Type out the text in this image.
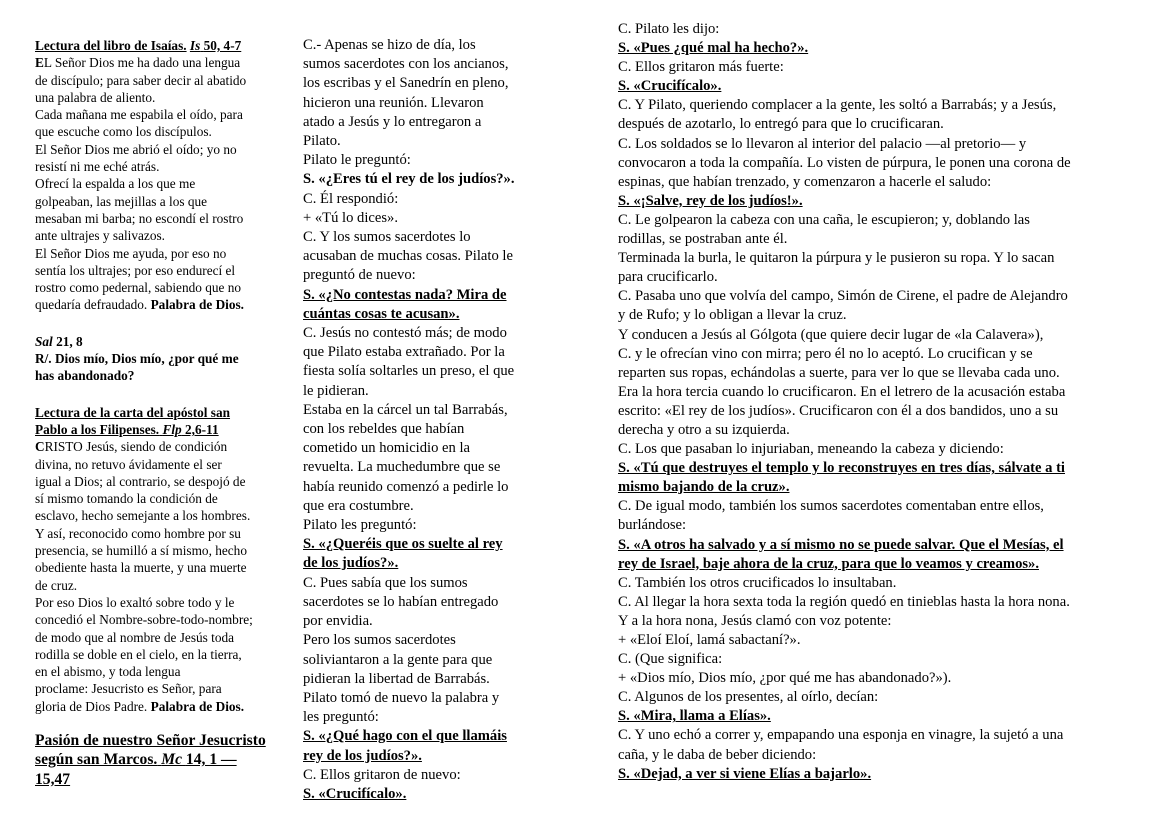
Lectura del libro de Isaías. Is 50, 4-7

EL Señor Dios me ha dado una lengua

de discípulo; para saber decir al abatido

una palabra de aliento.

Cada mañana me espabila el oído, para

que escuche como los discípulos.

El Señor Dios me abrió el oído; yo no

resistí ni me eché atrás.

Ofrecí la espalda a los que me

golpeaban, las mejillas a los que

mesaban mi barba; no escondí el rostro

ante ultrajes y salivazos.

El Señor Dios me ayuda, por eso no

sentía los ultrajes; por eso endurecí el

rostro como pedernal, sabiendo que no

quedaría defraudado. Palabra de Dios.

Sal 21, 8

R/. Dios mío, Dios mío, ¿por qué me

has abandonado?

Lectura de la carta del apóstol san

Pablo a los Filipenses. Flp 2,6-11

CRISTO Jesús, siendo de condición

divina, no retuvo ávidamente el ser

igual a Dios; al contrario, se despojó de

sí mismo tomando la condición de

esclavo, hecho semejante a los hombres.

Y así, reconocido como hombre por su

presencia, se humilló a sí mismo, hecho

obediente hasta la muerte, y una muerte

de cruz.

Por eso Dios lo exaltó sobre todo y le

concedió el Nombre-sobre-todo-nombre;

de modo que al nombre de Jesús toda

rodilla se doble en el cielo, en la tierra,

en el abismo, y toda lengua

proclame: Jesucristo es Señor, para

gloria de Dios Padre. Palabra de Dios.

Pasión de nuestro Señor Jesucristo

según san Marcos. Mc 14, 1 —

15,47

C.- Apenas se hizo de día, los

sumos sacerdotes con los ancianos,

los escribas y el Sanedrín en pleno,

hicieron una reunión. Llevaron

atado a Jesús y lo entregaron a

Pilato.

Pilato le preguntó:

S. «¿Eres tú el rey de los judíos?».

C. Él respondió:

+ «Tú lo dices».

C. Y los sumos sacerdotes lo

acusaban de muchas cosas. Pilato le

preguntó de nuevo:

S. «¿No contestas nada? Mira de

cuántas cosas te acusan».

C. Jesús no contestó más; de modo

que Pilato estaba extrañado. Por la

fiesta solía soltarles un preso, el que

le pidieran.

Estaba en la cárcel un tal Barrabás,

con los rebeldes que habían

cometido un homicidio en la

revuelta. La muchedumbre que se

había reunido comenzó a pedirle lo

que era costumbre.

Pilato les preguntó:

S. «¿Queréis que os suelte al rey

de los judíos?».

C. Pues sabía que los sumos

sacerdotes se lo habían entregado

por envidia.

Pero los sumos sacerdotes

soliviantaron a la gente para que

pidieran la libertad de Barrabás.

Pilato tomó de nuevo la palabra y

les preguntó:

S. «¿Qué hago con el que llamáis

rey de los judíos?».

C. Ellos gritaron de nuevo:

S. «Crucifícalo».

C. Pilato les dijo:

S. «Pues ¿qué mal ha hecho?».

C. Ellos gritaron más fuerte:

S. «Crucifícalo».

C. Y Pilato, queriendo complacer a la gente, les soltó a Barrabás; y a Jesús,

después de azotarlo, lo entregó para que lo crucificaran.

C. Los soldados se lo llevaron al interior del palacio —al pretorio— y

convocaron a toda la compañía. Lo visten de púrpura, le ponen una corona de

espinas, que habían trenzado, y comenzaron a hacerle el saludo:

S. «¡Salve, rey de los judíos!».

C. Le golpearon la cabeza con una caña, le escupieron; y, doblando las

rodillas, se postraban ante él.

Terminada la burla, le quitaron la púrpura y le pusieron su ropa. Y lo sacan

para crucificarlo.

C. Pasaba uno que volvía del campo, Simón de Cirene, el padre de Alejandro

y de Rufo; y lo obligan a llevar la cruz.

Y conducen a Jesús al Gólgota (que quiere decir lugar de «la Calavera»),

C. y le ofrecían vino con mirra; pero él no lo aceptó. Lo crucifican y se

reparten sus ropas, echándolas a suerte, para ver lo que se llevaba cada uno.

Era la hora tercia cuando lo crucificaron. En el letrero de la acusación estaba

escrito: «El rey de los judíos». Crucificaron con él a dos bandidos, uno a su

derecha y otro a su izquierda.

C. Los que pasaban lo injuriaban, meneando la cabeza y diciendo:

S. «Tú que destruyes el templo y lo reconstruyes en tres días, sálvate a ti

mismo bajando de la cruz».

C. De igual modo, también los sumos sacerdotes comentaban entre ellos,

burlándose:

S. «A otros ha salvado y a sí mismo no se puede salvar. Que el Mesías, el

rey de Israel, baje ahora de la cruz, para que lo veamos y creamos».

C. También los otros crucificados lo insultaban.

C. Al llegar la hora sexta toda la región quedó en tinieblas hasta la hora nona.

Y a la hora nona, Jesús clamó con voz potente:

+ «Eloí Eloí, lamá sabactaní?».

C. (Que significa:

+ «Dios mío, Dios mío, ¿por qué me has abandonado?»).

C. Algunos de los presentes, al oírlo, decían:

S. «Mira, llama a Elías».

C. Y uno echó a correr y, empapando una esponja en vinagre, la sujetó a una

caña, y le daba de beber diciendo:

S. «Dejad, a ver si viene Elías a bajarlo».
